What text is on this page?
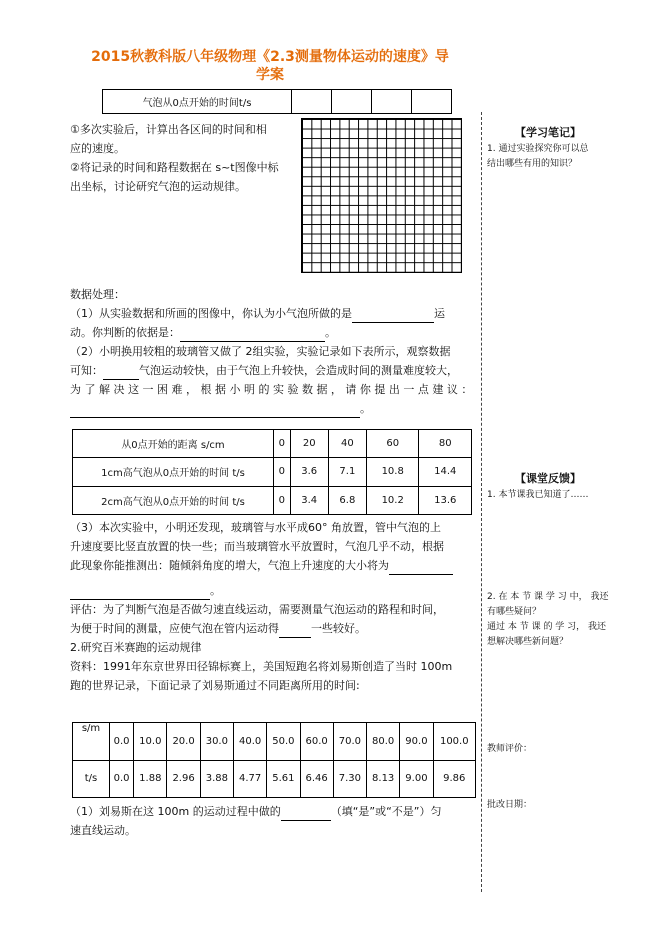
2015秋教科版八年级物理《2.3测量物体运动的速度》导
学案
气泡从0点开始的时间t/s				
①多次实验后，计算出各区间的时间和相
应的速度。
②将记录的时间和路程数据在 s~t图像中标
出坐标，讨论研究气泡的运动规律。
数据处理：
（1）从实验数据和所画的图像中，你认为小气泡所做的是	运
动。你判断的依据是：	。
（2）小明换用较粗的玻璃管又做了 2组实验，实验记录如下表所示，观察数据
可知：	气泡运动较快，由于气泡上升较快，会造成时间的测量难度较大，
为 了 解 决 这 一 困 难 ， 根 据 小 明 的 实 验 数 据 ， 请 你 提 出 一 点 建 议 ：
。
从0点开始的距离 s/cm	0	20	40	60	80
1cm高气泡从0点开始的时间 t/s	0	3.6	7.1	10.8	14.4
2cm高气泡从0点开始的时间 t/s	0	3.4	6.8	10.2	13.6
（3）本次实验中，小明还发现，玻璃管与水平成60° 角放置，管中气泡的上
升速度要比竖直放置的快一些；而当玻璃管水平放置时，气泡几乎不动，根据
此现象你能推测出：随倾斜角度的增大，气泡上升速度的大小将为
。
评估：为了判断气泡是否做匀速直线运动，需要测量气泡运动的路程和时间，
为便于时间的测量，应使气泡在管内运动得	一些较好。
2.研究百米赛跑的运动规律
资料：1991年东京世界田径锦标赛上，美国短跑名将刘易斯创造了当时 100m
跑的世界记录，下面记录了刘易斯通过不同距离所用的时间:
s/m	0.0	10.0	20.0	30.0	40.0	50.0	60.0	70.0	80.0	90.0	100.0
t/s	0.0	1.88	2.96	3.88	4.77	5.61	6.46	7.30	8.13	9.00	9.86
（1）刘易斯在这 100m 的运动过程中做的	（填“是”或“不是”）匀
速直线运动。
【学习笔记】
1. 通过实验探究你可以总
结出哪些有用的知识？
【课堂反馈】
1. 本节课我已知道了……
2. 在 本 节 课 学 习 中， 我还
有哪些疑问？
通过 本 节 课 的 学 习， 我还
想解决哪些新问题？
教师评价：
批改日期：
